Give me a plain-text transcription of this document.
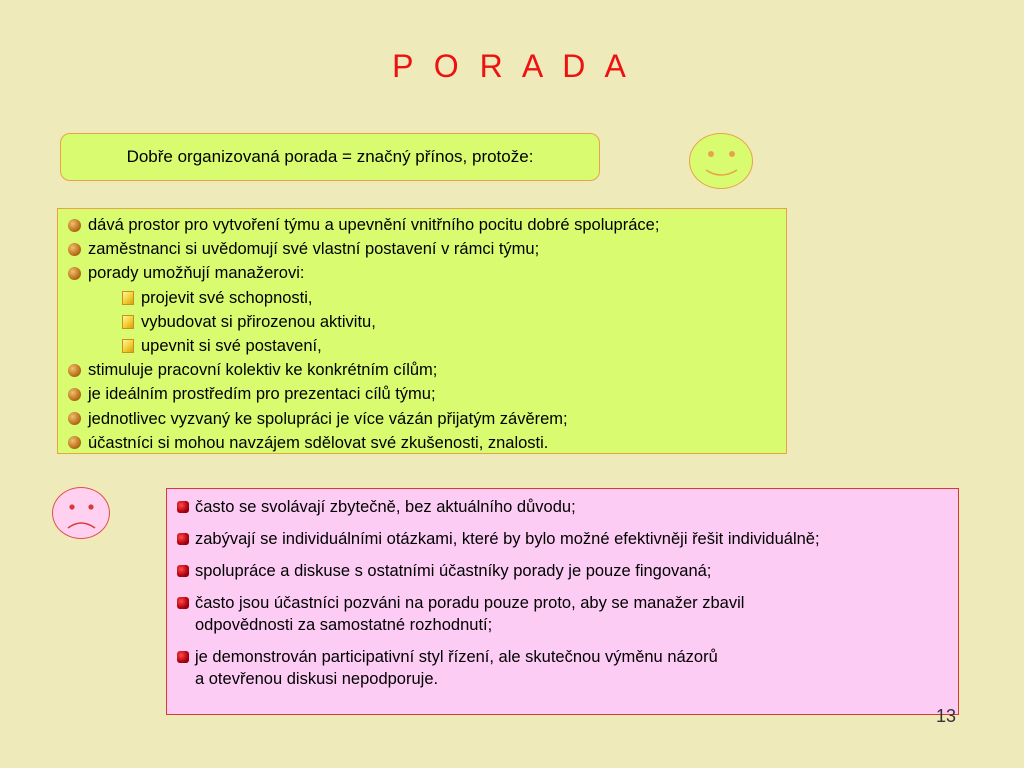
P O R A D A
Dobře organizovaná porada = značný přínos, protože:
dává prostor pro vytvoření týmu a upevnění vnitřního pocitu dobré spolupráce;
zaměstnanci si uvědomují své vlastní postavení v rámci týmu;
porady umožňují manažerovi:
projevit své schopnosti,
vybudovat si přirozenou aktivitu,
upevnit si své postavení,
stimuluje pracovní kolektiv ke konkrétním cílům;
je ideálním prostředím pro prezentaci cílů týmu;
jednotlivec vyzvaný ke spolupráci je více vázán přijatým závěrem;
účastníci si mohou navzájem sdělovat své zkušenosti, znalosti.
často se svolávají zbytečně, bez aktuálního důvodu;
zabývají se individuálními otázkami, které by bylo možné efektivněji řešit individuálně;
spolupráce a diskuse s ostatními účastníky porady je pouze fingovaná;
často jsou účastníci pozváni na poradu pouze proto, aby se manažer zbavil
odpovědnosti za samostatné rozhodnutí;
je demonstrován participativní styl řízení, ale skutečnou výměnu názorů
a otevřenou diskusi nepodporuje.
13
